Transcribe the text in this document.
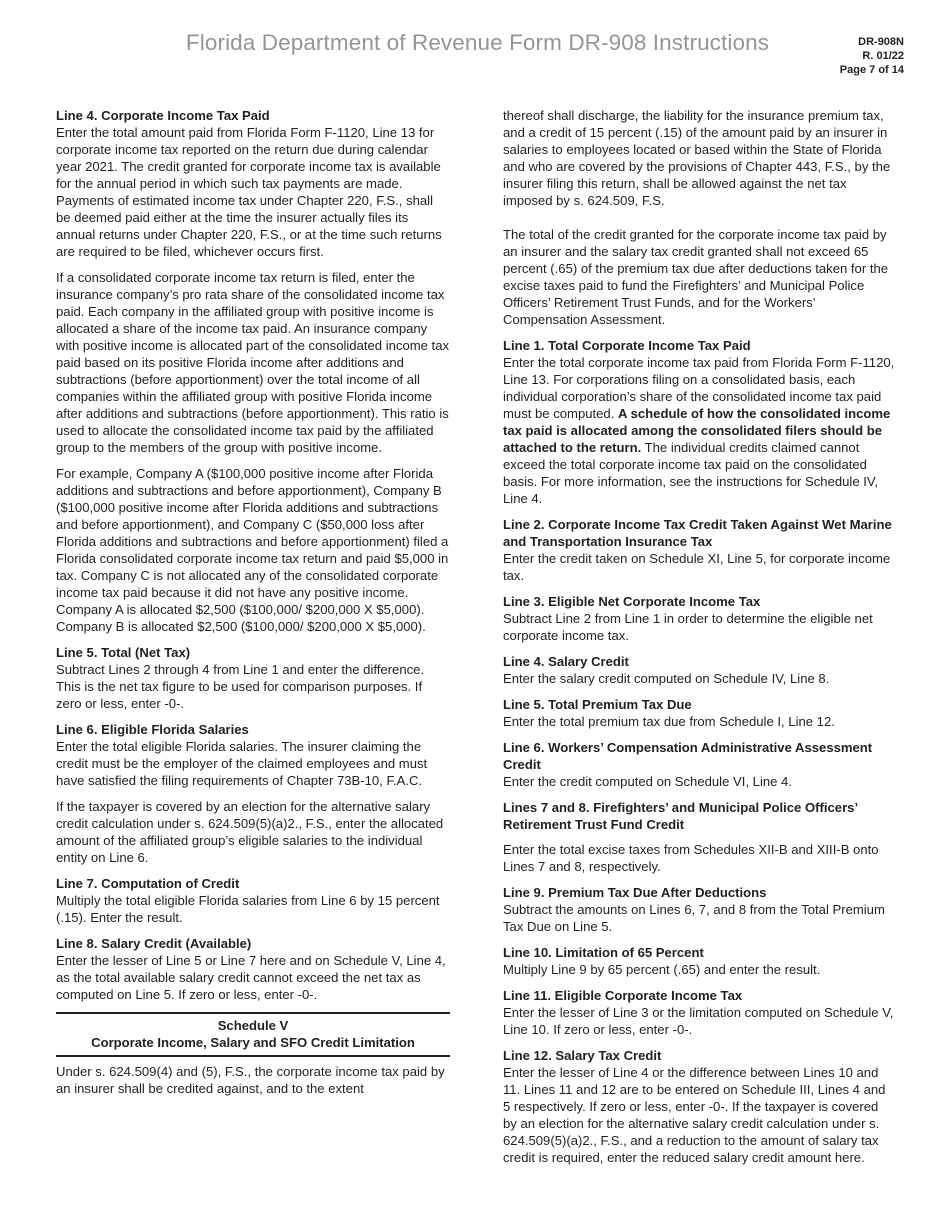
Florida Department of Revenue Form DR-908 Instructions	DR-908N
R. 01/22
Page 7 of 14
Line 4. Corporate Income Tax Paid

Enter the total amount paid from Florida Form F-1120, Line 13 for corporate income tax reported on the return due during calendar year 2021. The credit granted for corporate income tax is available for the annual period in which such tax payments are made. Payments of estimated income tax under Chapter 220, F.S., shall be deemed paid either at the time the insurer actually files its annual returns under Chapter 220, F.S., or at the time such returns are required to be filed, whichever occurs first.

If a consolidated corporate income tax return is filed, enter the insurance company’s pro rata share of the consolidated income tax paid. Each company in the affiliated group with positive income is allocated a share of the income tax paid. An insurance company with positive income is allocated part of the consolidated income tax paid based on its positive Florida income after additions and subtractions (before apportionment) over the total income of all companies within the affiliated group with positive Florida income after additions and subtractions (before apportionment). This ratio is used to allocate the consolidated income tax paid by the affiliated group to the members of the group with positive income.

For example, Company A ($100,000 positive income after Florida additions and subtractions and before apportionment), Company B ($100,000 positive income after Florida additions and subtractions and before apportionment), and Company C ($50,000 loss after Florida additions and subtractions and before apportionment) filed a Florida consolidated corporate income tax return and paid $5,000 in tax. Company C is not allocated any of the consolidated corporate income tax paid because it did not have any positive income. Company A is allocated $2,500 ($100,000/ $200,000 X $5,000). Company B is allocated $2,500 ($100,000/ $200,000 X $5,000).

Line 5. Total (Net Tax)

Subtract Lines 2 through 4 from Line 1 and enter the difference. This is the net tax figure to be used for comparison purposes. If zero or less, enter -0-.

Line 6. Eligible Florida Salaries

Enter the total eligible Florida salaries. The insurer claiming the credit must be the employer of the claimed employees and must have satisfied the filing requirements of Chapter 73B-10, F.A.C.

If the taxpayer is covered by an election for the alternative salary credit calculation under s. 624.509(5)(a)2., F.S., enter the allocated amount of the affiliated group’s eligible salaries to the individual entity on Line 6.

Line 7. Computation of Credit

Multiply the total eligible Florida salaries from Line 6 by 15 percent (.15). Enter the result.

Line 8. Salary Credit (Available)

Enter the lesser of Line 5 or Line 7 here and on Schedule V, Line 4, as the total available salary credit cannot exceed the net tax as computed on Line 5. If zero or less, enter -0-.

Schedule V
Corporate Income, Salary and SFO Credit Limitation

Under s. 624.509(4) and (5), F.S., the corporate income tax paid by an insurer shall be credited against, and to the extent

thereof shall discharge, the liability for the insurance premium tax, and a credit of 15 percent (.15) of the amount paid by an insurer in salaries to employees located or based within the State of Florida and who are covered by the provisions of Chapter 443, F.S., by the insurer filing this return, shall be allowed against the net tax imposed by s. 624.509, F.S.

The total of the credit granted for the corporate income tax paid by an insurer and the salary tax credit granted shall not exceed 65 percent (.65) of the premium tax due after deductions taken for the excise taxes paid to fund the Firefighters’ and Municipal Police Officers’ Retirement Trust Funds, and for the Workers’ Compensation Assessment.

Line 1. Total Corporate Income Tax Paid

Enter the total corporate income tax paid from Florida Form F-1120, Line 13. For corporations filing on a consolidated basis, each individual corporation’s share of the consolidated income tax paid must be computed. A schedule of how the consolidated income tax paid is allocated among the consolidated filers should be attached to the return. The individual credits claimed cannot exceed the total corporate income tax paid on the consolidated basis. For more information, see the instructions for Schedule IV, Line 4.

Line 2. Corporate Income Tax Credit Taken Against Wet Marine and Transportation Insurance Tax

Enter the credit taken on Schedule XI, Line 5, for corporate income tax.

Line 3. Eligible Net Corporate Income Tax

Subtract Line 2 from Line 1 in order to determine the eligible net corporate income tax.

Line 4. Salary Credit

Enter the salary credit computed on Schedule IV, Line 8.

Line 5. Total Premium Tax Due

Enter the total premium tax due from Schedule I, Line 12.

Line 6. Workers’ Compensation Administrative Assessment Credit

Enter the credit computed on Schedule VI, Line 4.

Lines 7 and 8. Firefighters’ and Municipal Police Officers’ Retirement Trust Fund Credit

Enter the total excise taxes from Schedules XII-B and XIII-B onto Lines 7 and 8, respectively.

Line 9. Premium Tax Due After Deductions

Subtract the amounts on Lines 6, 7, and 8 from the Total Premium Tax Due on Line 5.

Line 10. Limitation of 65 Percent

Multiply Line 9 by 65 percent (.65) and enter the result.

Line 11. Eligible Corporate Income Tax

Enter the lesser of Line 3 or the limitation computed on Schedule V, Line 10. If zero or less, enter -0-.

Line 12. Salary Tax Credit

Enter the lesser of Line 4 or the difference between Lines 10 and 11. Lines 11 and 12 are to be entered on Schedule III, Lines 4 and 5 respectively. If zero or less, enter -0-. If the taxpayer is covered by an election for the alternative salary credit calculation under s. 624.509(5)(a)2., F.S., and a reduction to the amount of salary tax credit is required, enter the reduced salary credit amount here.
